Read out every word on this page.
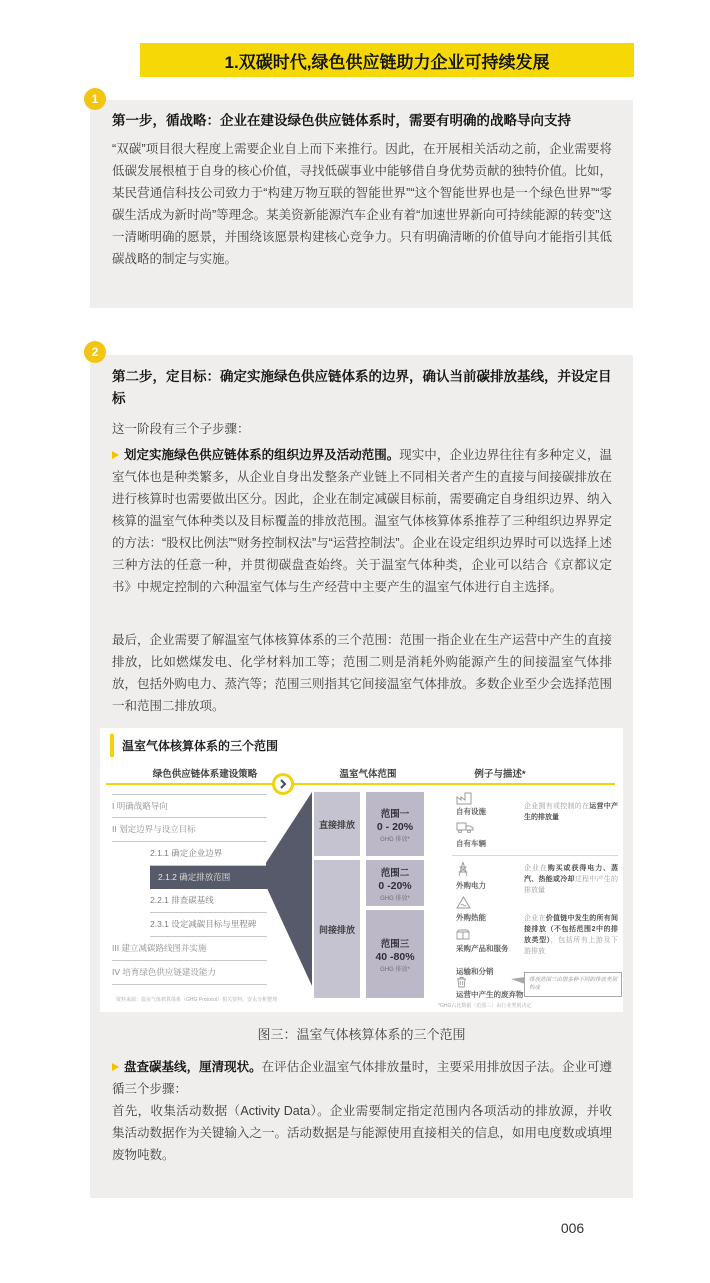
1.双碳时代,绿色供应链助力企业可持续发展
1
第一步，循战略：企业在建设绿色供应链体系时，需要有明确的战略导向支持
“双碳”项目很大程度上需要企业自上而下来推行。因此，在开展相关活动之前，企业需要将低碳发展根植于自身的核心价值，寻找低碳事业中能够借自身优势贡献的独特价值。比如，某民营通信科技公司致力于“构建万物互联的智能世界”“这个智能世界也是一个绿色世界”“零碳生活成为新时尚”等理念。某美资新能源汽车企业有着“加速世界新向可持续能源的转变”这一清晰明确的愿景，并围绕该愿景构建核心竞争力。只有明确清晰的价值导向才能指引其低碳战略的制定与实施。
2
第二步，定目标：确定实施绿色供应链体系的边界，确认当前碳排放基线，并设定目标
这一阶段有三个子步骤：
划定实施绿色供应链体系的组织边界及活动范围。现实中，企业边界往往有多种定义，温室气体也是种类繁多，从企业自身出发整条产业链上不同相关者产生的直接与间接碳排放在进行核算时也需要做出区分。因此，企业在制定减碳目标前，需要确定自身组织边界、纳入核算的温室气体种类以及目标覆盖的排放范围。温室气体核算体系推荐了三种组织边界界定的方法：“股权比例法”“财务控制权法”与“运营控制法”。企业在设定组织边界时可以选择上述三种方法的任意一种，并贯彻碳盘查始终。关于温室气体种类，企业可以结合《京都议定书》中规定控制的六种温室气体与生产经营中主要产生的温室气体进行自主选择。
最后，企业需要了解温室气体核算体系的三个范围：范围一指企业在生产运营中产生的直接排放，比如燃煤发电、化学材料加工等；范围二则是消耗外购能源产生的间接温室气体排放，包括外购电力、蒸汽等；范围三则指其它间接温室气体排放。多数企业至少会选择范围一和范围二排放项。
温室气体核算体系的三个范围
绿色供应链体系建设策略	温室气体范围	例子与描述*
I 明确战略导向
II 划定边界与设立目标
2.1.1 确定企业边界
2.1.2 确定排放范围
2.2.1 排查碳基线
2.3.1 设定减碳目标与里程碑
III 建立减碳路线图并实施
IV 培育绿色供应链建设能力
资料来源：温室气体核算体系（GHG Protocol）相关资料，安永分析整理
直接排放
间接排放
范围一
0 - 20%
GHG 排放*
范围二
0 -20%
GHG 排放*
范围三
40 -80%
GHG 排放*
自有设施
自有车辆
外购电力
外购热能
采购产品和服务
运输和分销
运营中产生的废弃物
企业拥有或控制的在运营中产生的排放量
企业在购买或获得电力、蒸汽、热能或冷却过程中产生的排放量
企业在价值链中发生的所有间接排放（不包括范围2中的排放类型），包括所有上游及下游排放
排放范围三由很多种不同的排放类别构成
*GHG占比数据（范围三）由行业类别决定
图三：温室气体核算体系的三个范围
盘查碳基线，厘清现状。在评估企业温室气体排放量时，主要采用排放因子法。企业可遵循三个步骤：
首先，收集活动数据（Activity Data）。企业需要制定指定范围内各项活动的排放源，并收集活动数据作为关键输入之一。活动数据是与能源使用直接相关的信息，如用电度数或填埋废物吨数。
006
